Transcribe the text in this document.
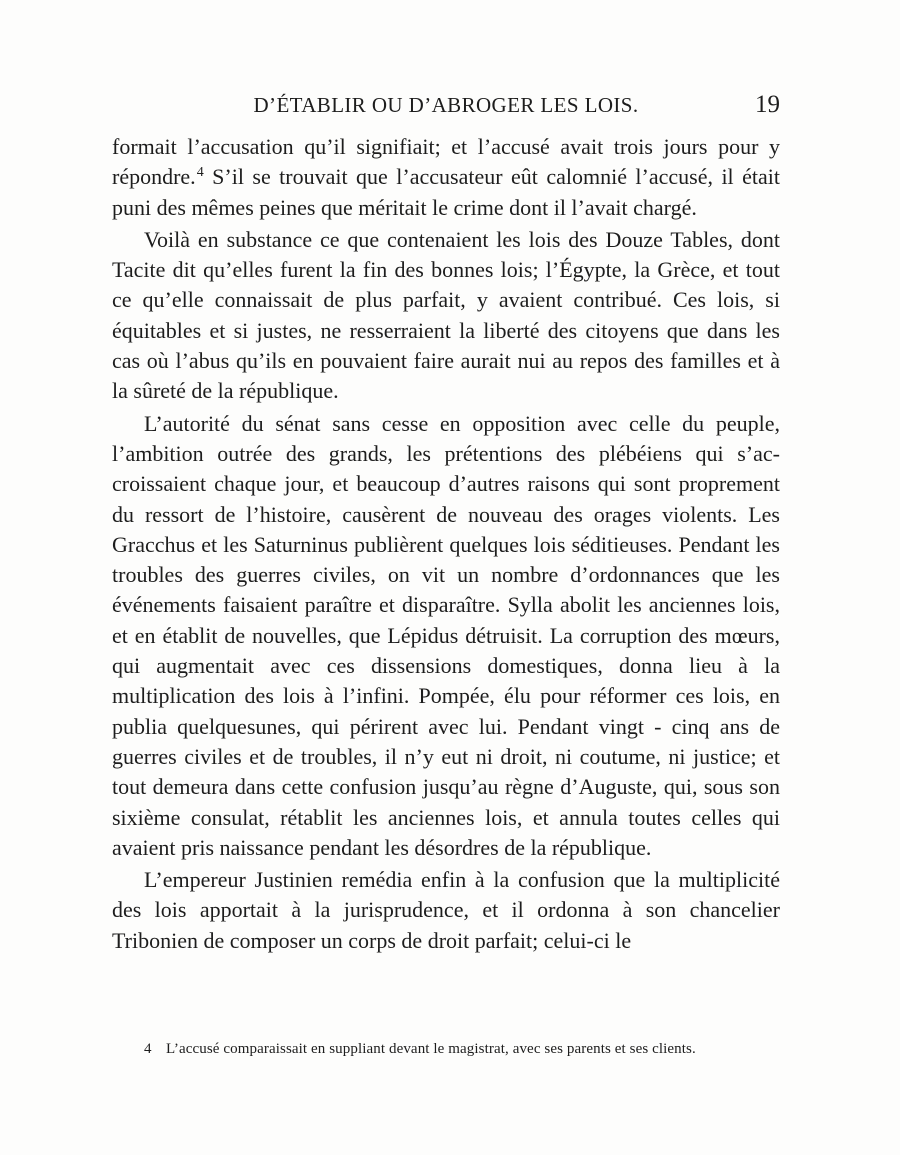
D’ÉTABLIR OU D’ABROGER LES LOIS.	19

formait l’accusation qu’il signifiait; et l’accusé avait trois jours pour y répondre.$^4$ S’il se trouvait que l’accusateur eût calomnié l’accusé, il était puni des mêmes peines que méritait le crime dont il l’avait chargé.

Voilà en substance ce que contenaient les lois des Douze Tables, dont Tacite dit qu’elles furent la fin des bonnes lois; l’Égypte, la Grèce, et tout ce qu’elle connaissait de plus parfait, y avaient contribué. Ces lois, si équitables et si justes, ne resserraient la liberté des citoyens que dans les cas où l’abus qu’ils en pouvaient faire aurait nui au repos des familles et à la sûreté de la république.

L’autorité du sénat sans cesse en opposition avec celle du peuple, l’ambition outrée des grands, les prétentions des plébéiens qui s’accroissaient chaque jour, et beaucoup d’autres raisons qui sont proprement du ressort de l’histoire, causèrent de nouveau des orages violents. Les Gracchus et les Saturninus publièrent quelques lois séditieuses. Pendant les troubles des guerres civiles, on vit un nombre d’ordonnances que les événements faisaient paraître et disparaître. Sylla abolit les anciennes lois, et en établit de nouvelles, que Lépidus détruisit. La corruption des mœurs, qui augmentait avec ces dissensions domestiques, donna lieu à la multiplication des lois à l’infini. Pompée, élu pour réformer ces lois, en publia quelquesunes, qui périrent avec lui. Pendant vingt - cinq ans de guerres civiles et de troubles, il n’y eut ni droit, ni coutume, ni justice; et tout demeura dans cette confusion jusqu’au règne d’Auguste, qui, sous son sixième consulat, rétablit les anciennes lois, et annula toutes celles qui avaient pris naissance pendant les désordres de la république.

L’empereur Justinien remédia enfin à la confusion que la multiplicité des lois apportait à la jurisprudence, et il ordonna à son chancelier Tribonien de composer un corps de droit parfait; celui-ci le

4 L’accusé comparaissait en suppliant devant le magistrat, avec ses parents et ses clients.
